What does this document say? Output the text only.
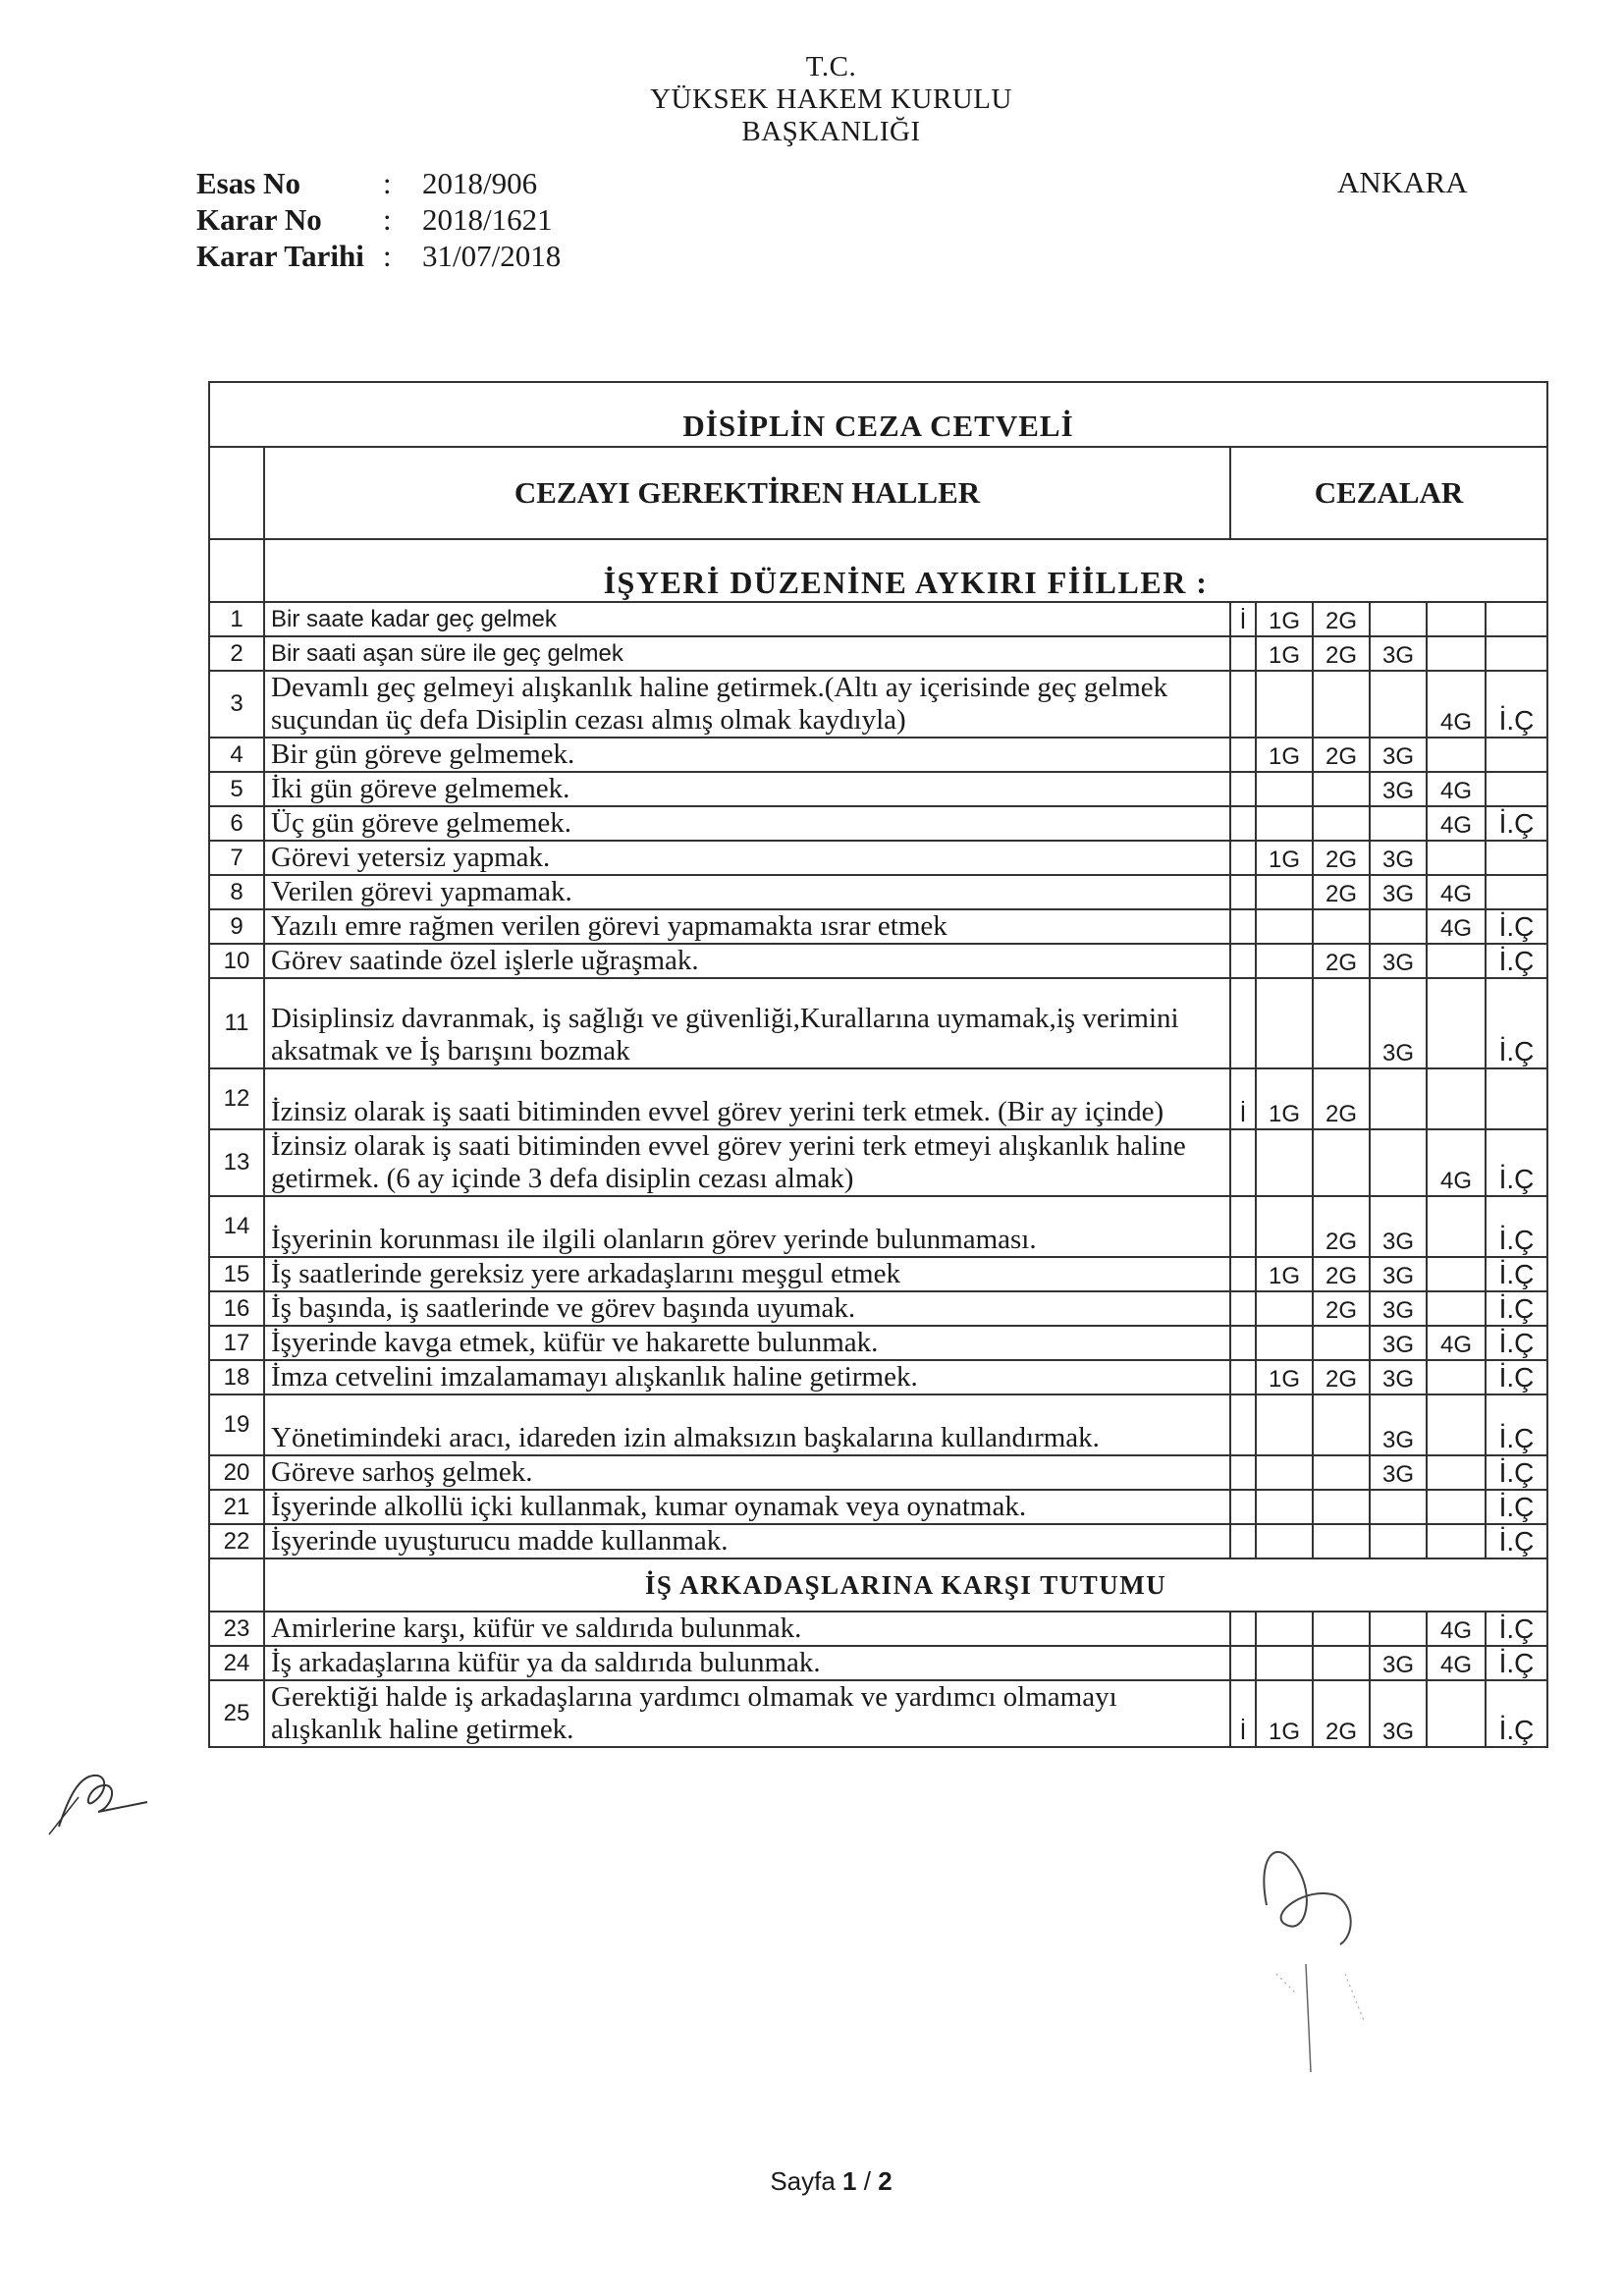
T.C.
YÜKSEK HAKEM KURULU
BAŞKANLIĞI
Esas No	:	2018/906
Karar No	:	2018/1621
Karar Tarihi :	31/07/2018
ANKARA
DİSİPLİN CEZA CETVELİ							
	CEZAYI GEREKTİREN HALLER	CEZALAR					
	İŞYERİ DÜZENİNE AYKIRI FİİLLER :						
1	Bir saate kadar geç gelmek	İ	1G	2G			
2	Bir saati aşan süre ile geç gelmek		1G	2G	3G		
3	Devamlı geç gelmeyi alışkanlık haline getirmek.(Altı ay içerisinde geç gelmek suçundan üç defa Disiplin cezası almış olmak kaydıyla)					4G	İ.Ç
4	Bir gün göreve gelmemek.		1G	2G	3G		
5	İki gün göreve gelmemek.				3G	4G	
6	Üç gün göreve gelmemek.					4G	İ.Ç
7	Görevi yetersiz yapmak.		1G	2G	3G		
8	Verilen görevi yapmamak.			2G	3G	4G	
9	Yazılı emre rağmen verilen görevi yapmamakta ısrar etmek					4G	İ.Ç
10	Görev saatinde özel işlerle uğraşmak.			2G	3G		İ.Ç
11	Disiplinsiz davranmak, iş sağlığı ve güvenliği,Kurallarına uymamak,iş verimini aksatmak ve İş barışını bozmak				3G		İ.Ç
12	İzinsiz olarak iş saati bitiminden evvel görev yerini terk etmek. (Bir ay içinde)	İ	1G	2G			
13	İzinsiz olarak iş saati bitiminden evvel görev yerini terk etmeyi alışkanlık haline getirmek. (6 ay içinde 3 defa disiplin cezası almak)					4G	İ.Ç
14	İşyerinin korunması ile ilgili olanların görev yerinde bulunmaması.			2G	3G		İ.Ç
15	İş saatlerinde gereksiz yere arkadaşlarını meşgul etmek		1G	2G	3G		İ.Ç
16	İş başında, iş saatlerinde ve görev başında uyumak.			2G	3G		İ.Ç
17	İşyerinde kavga etmek, küfür ve hakarette bulunmak.				3G	4G	İ.Ç
18	İmza cetvelini imzalamamayı alışkanlık haline getirmek.		1G	2G	3G		İ.Ç
19	Yönetimindeki aracı, idareden izin almaksızın başkalarına kullandırmak.				3G		İ.Ç
20	Göreve sarhoş gelmek.				3G		İ.Ç
21	İşyerinde alkollü içki kullanmak, kumar oynamak veya oynatmak.						İ.Ç
22	İşyerinde uyuşturucu madde kullanmak.						İ.Ç
	İŞ ARKADAŞLARINA KARŞI TUTUMU						
23	Amirlerine karşı, küfür ve saldırıda bulunmak.					4G	İ.Ç
24	İş arkadaşlarına küfür ya da saldırıda bulunmak.				3G	4G	İ.Ç
25	Gerektiği halde iş arkadaşlarına yardımcı olmamak ve yardımcı olmamayı alışkanlık haline getirmek.	İ	1G	2G	3G		İ.Ç
Sayfa 1 / 2
